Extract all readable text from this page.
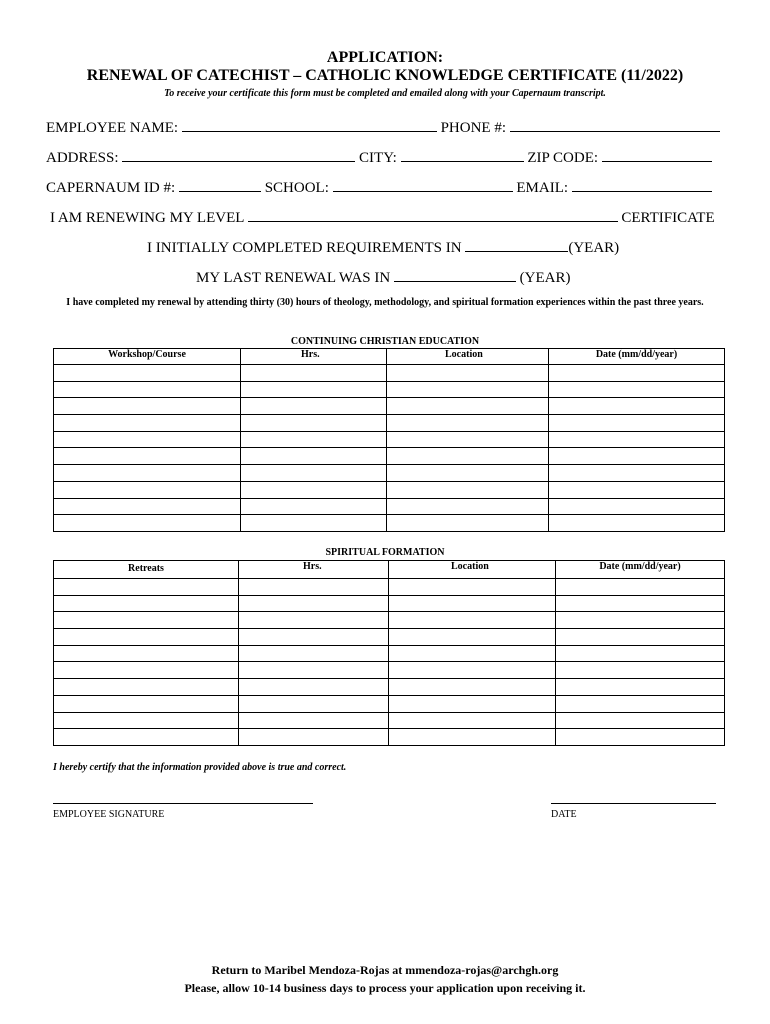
APPLICATION:
RENEWAL OF CATECHIST – CATHOLIC KNOWLEDGE CERTIFICATE (11/2022)
To receive your certificate this form must be completed and emailed along with your Capernaum transcript.
EMPLOYEE NAME:	PHONE #:
ADDRESS:	CITY:	ZIP CODE:
CAPERNAUM ID #:	SCHOOL:	EMAIL:
I AM RENEWING MY LEVEL	CERTIFICATE
I INITIALLY COMPLETED REQUIREMENTS IN	(YEAR)
MY LAST RENEWAL WAS IN	(YEAR)
I have completed my renewal by attending thirty (30) hours of theology, methodology, and spiritual formation experiences within the past three years.
CONTINUING CHRISTIAN EDUCATION
Workshop/Course	Hrs.	Location	Date (mm/dd/year)

SPIRITUAL FORMATION
Retreats	Hrs.	Location	Date (mm/dd/year)

I hereby certify that the information provided above is true and correct.
EMPLOYEE SIGNATURE	DATE
Return to Maribel Mendoza-Rojas at mmendoza-rojas@archgh.org
Please, allow 10-14 business days to process your application upon receiving it.
